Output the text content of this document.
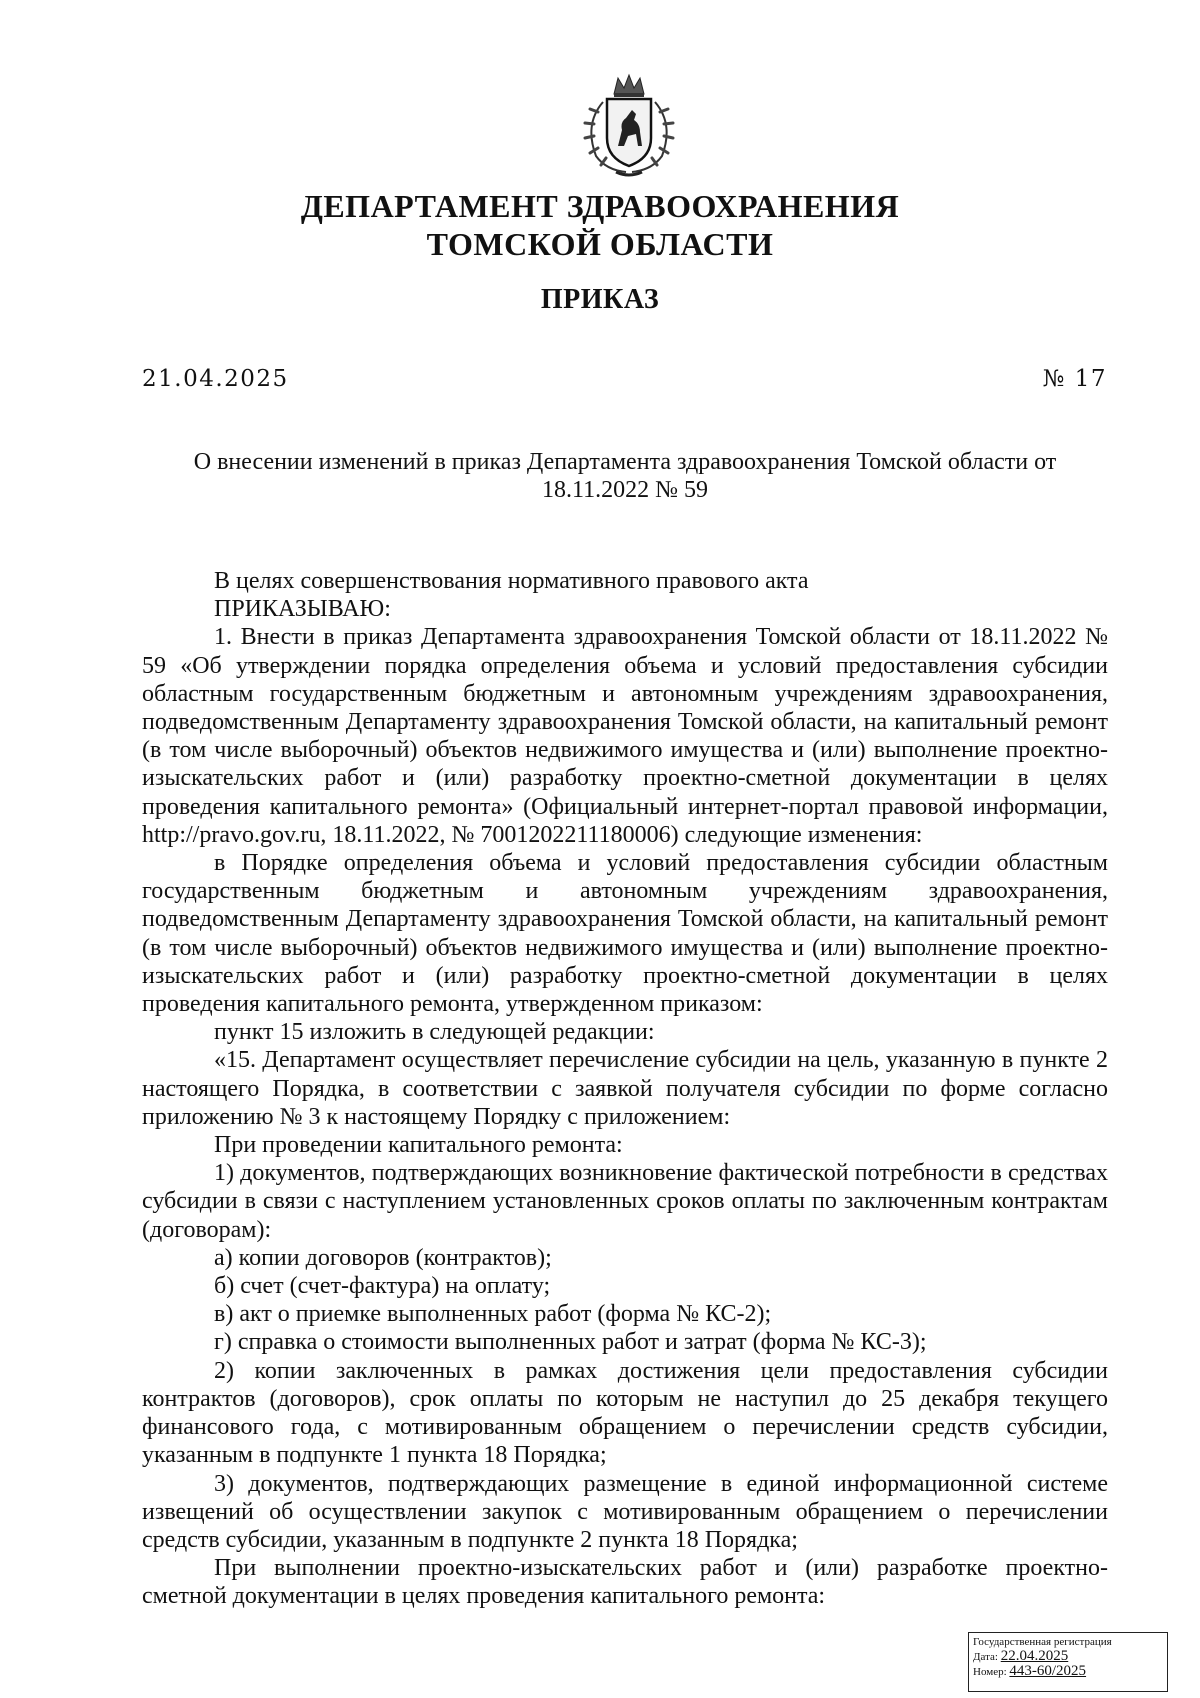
ДЕПАРТАМЕНТ ЗДРАВООХРАНЕНИЯ
ТОМСКОЙ ОБЛАСТИ
ПРИКАЗ
21.04.2025	№ 17
О внесении изменений в приказ Департамента здравоохранения Томской области от
18.11.2022 № 59

В целях совершенствования нормативного правового акта

ПРИКАЗЫВАЮ:

1. Внести в приказ Департамента здравоохранения Томской области от 18.11.2022 № 59 «Об утверждении порядка определения объема и условий предоставления субсидии областным государственным бюджетным и автономным учреждениям здравоохранения, подведомственным Департаменту здравоохранения Томской области, на капитальный ремонт (в том числе выборочный) объектов недвижимого имущества и (или) выполнение проектно-изыскательских работ и (или) разработку проектно-сметной документации в целях проведения капитального ремонта» (Официальный интернет-портал правовой информации, http://pravo.gov.ru, 18.11.2022, № 7001202211180006) следующие изменения:

в Порядке определения объема и условий предоставления субсидии областным государственным бюджетным и автономным учреждениям здравоохранения, подведомственным Департаменту здравоохранения Томской области, на капитальный ремонт (в том числе выборочный) объектов недвижимого имущества и (или) выполнение проектно-изыскательских работ и (или) разработку проектно-сметной документации в целях проведения капитального ремонта, утвержденном приказом:

пункт 15 изложить в следующей редакции:

«15. Департамент осуществляет перечисление субсидии на цель, указанную в пункте 2 настоящего Порядка, в соответствии с заявкой получателя субсидии по форме согласно приложению № 3 к настоящему Порядку с приложением:

При проведении капитального ремонта:

1) документов, подтверждающих возникновение фактической потребности в средствах субсидии в связи с наступлением установленных сроков оплаты по заключенным контрактам (договорам):

а) копии договоров (контрактов);

б) счет (счет-фактура) на оплату;

в) акт о приемке выполненных работ (форма № КС-2);

г) справка о стоимости выполненных работ и затрат (форма № КС-3);

2) копии заключенных в рамках достижения цели предоставления субсидии контрактов (договоров), срок оплаты по которым не наступил до 25 декабря текущего финансового года, с мотивированным обращением о перечислении средств субсидии, указанным в подпункте 1 пункта 18 Порядка;

3) документов, подтверждающих размещение в единой информационной системе извещений об осуществлении закупок с мотивированным обращением о перечислении средств субсидии, указанным в подпункте 2 пункта 18 Порядка;

При выполнении проектно-изыскательских работ и (или) разработке проектно-сметной документации в целях проведения капитального ремонта:

Государственная регистрация
Дата: 22.04.2025
Номер: 443-60/2025
